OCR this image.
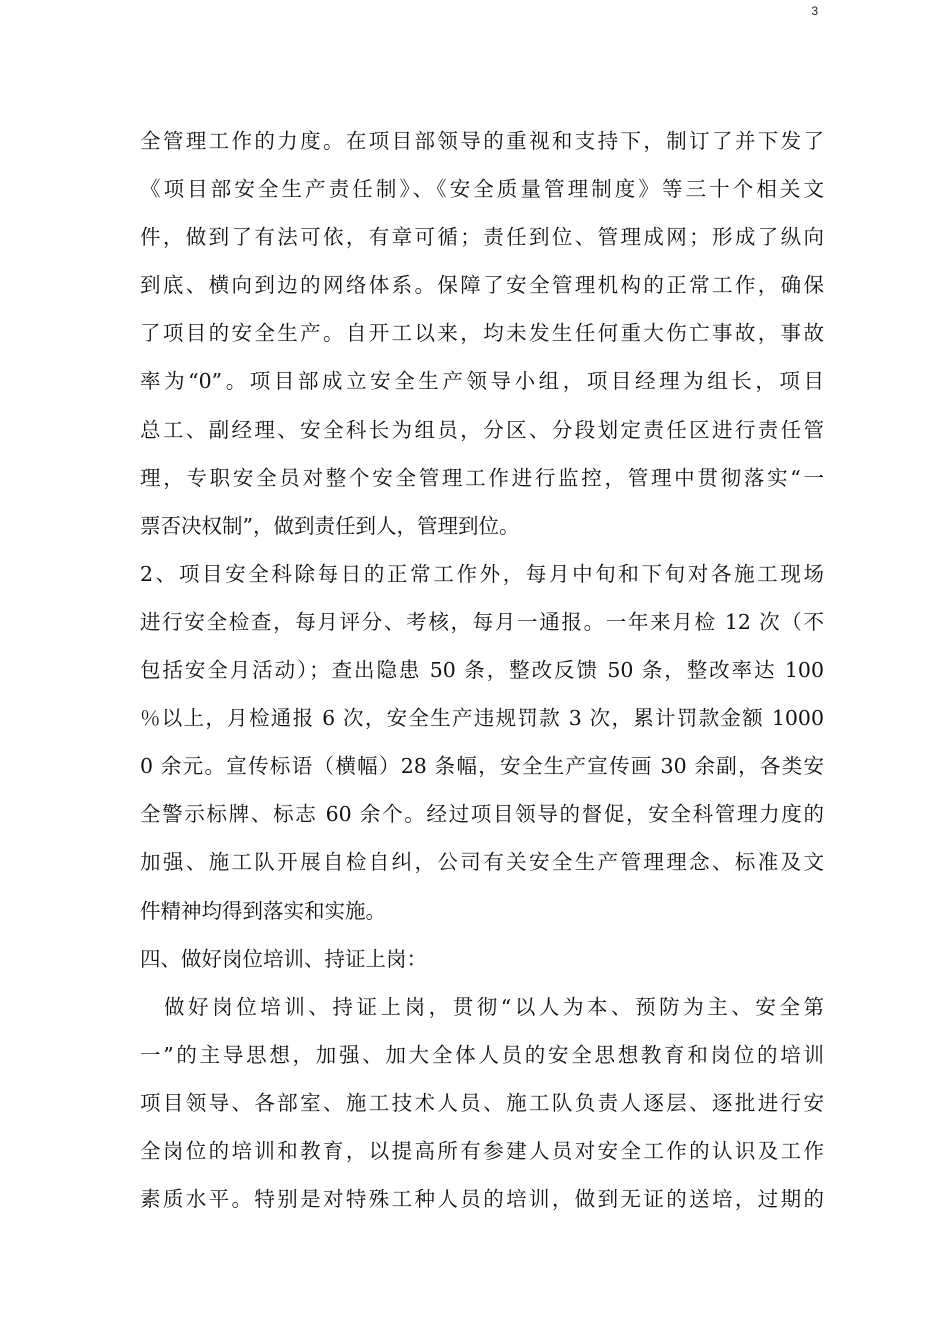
3
全管理工作的力度。在项目部领导的重视和支持下，制订了并下发了
《项目部安全生产责任制》、《安全质量管理制度》等三十个相关文
件，做到了有法可依，有章可循；责任到位、管理成网；形成了纵向
到底、横向到边的网络体系。保障了安全管理机构的正常工作，确保
了项目的安全生产。自开工以来，均未发生任何重大伤亡事故，事故
率为“0”。项目部成立安全生产领导小组，项目经理为组长，项目
总工、副经理、安全科长为组员，分区、分段划定责任区进行责任管
理，专职安全员对整个安全管理工作进行监控，管理中贯彻落实“一
票否决权制”，做到责任到人，管理到位。
2、项目安全科除每日的正常工作外，每月中旬和下旬对各施工现场
进行安全检查，每月评分、考核，每月一通报。一年来月检 12 次（不
包括安全月活动）；查出隐患 50 条，整改反馈 50 条，整改率达 100
％以上，月检通报 6 次，安全生产违规罚款 3 次，累计罚款金额 1000
0 余元。宣传标语（横幅）28 条幅，安全生产宣传画 30 余副，各类安
全警示标牌、标志 60 余个。经过项目领导的督促，安全科管理力度的
加强、施工队开展自检自纠，公司有关安全生产管理理念、标准及文
件精神均得到落实和实施。
四、做好岗位培训、持证上岗：
　做好岗位培训、持证上岗，贯彻“以人为本、预防为主、安全第
一”的主导思想，加强、加大全体人员的安全思想教育和岗位的培训
项目领导、各部室、施工技术人员、施工队负责人逐层、逐批进行安
全岗位的培训和教育，以提高所有参建人员对安全工作的认识及工作
素质水平。特别是对特殊工种人员的培训，做到无证的送培，过期的
